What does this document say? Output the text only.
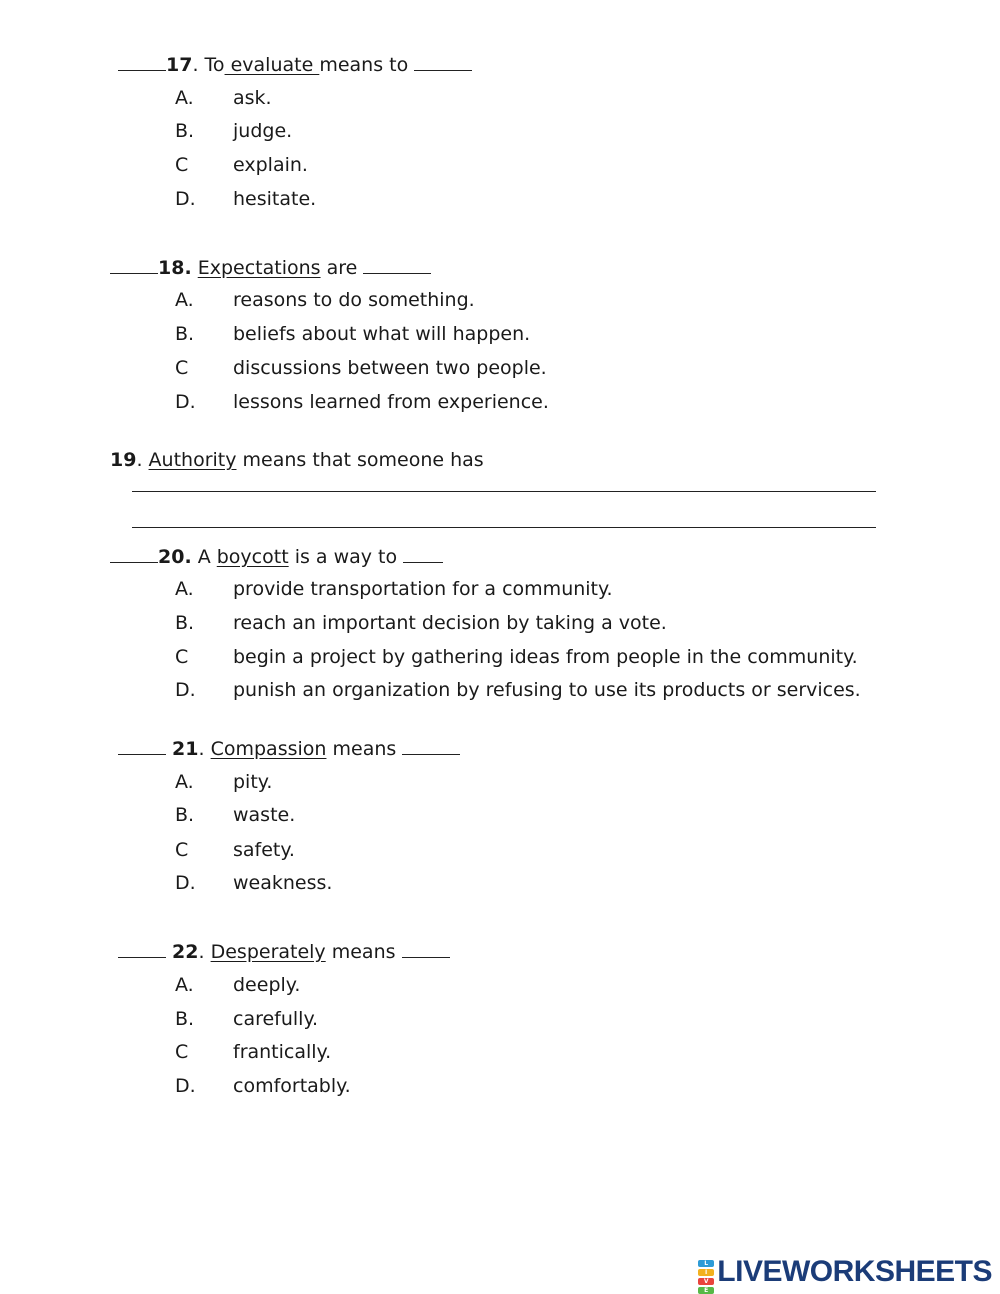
17. To evaluate means to
A. ask.
B. judge.
C explain.
D. hesitate.
18. Expectations are
A. reasons to do something.
B. beliefs about what will happen.
C discussions between two people.
D. lessons learned from experience.
19. Authority means that someone has
20. A boycott is a way to
A. provide transportation for a community.
B. reach an important decision by taking a vote.
C begin a project by gathering ideas from people in the community.
D. punish an organization by refusing to use its products or services.
21. Compassion means
A. pity.
B. waste.
C safety.
D. weakness.
22. Desperately means
A. deeply.
B. carefully.
C frantically.
D. comfortably.
L
I
V
E
LIVEWORKSHEETS
